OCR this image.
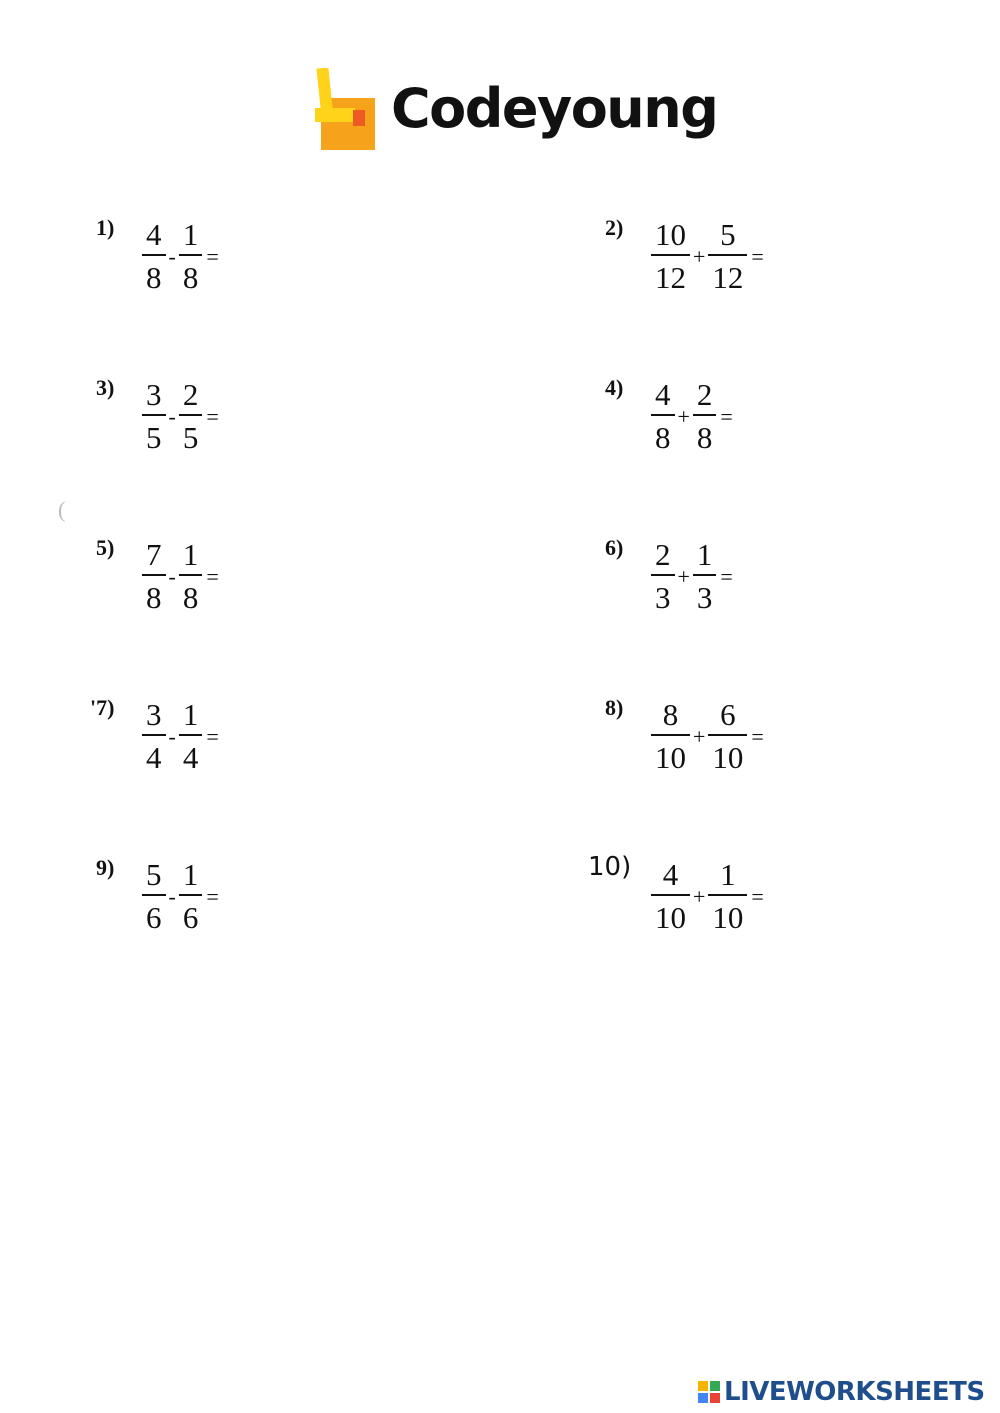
Codeyoung
(
$1) \frac{4}{8} - \frac{1}{8}$ =
$2) \frac{10}{12} + \frac{5}{12}$ =
$3) \frac{3}{5} - \frac{2}{5}$ =
$4) \frac{4}{8} + \frac{2}{8}$ =
$5) \frac{7}{8} - \frac{1}{8}$ =
$6) \frac{2}{3} + \frac{1}{3}$ =
'$7) \frac{3}{4} - \frac{1}{4}$ =
$8) \frac{8}{10} + \frac{6}{10}$ =
$9) \frac{5}{6} - \frac{1}{6}$ =
$10) \frac{4}{10} + \frac{1}{10}$ =
LIVEWORKSHEETS
